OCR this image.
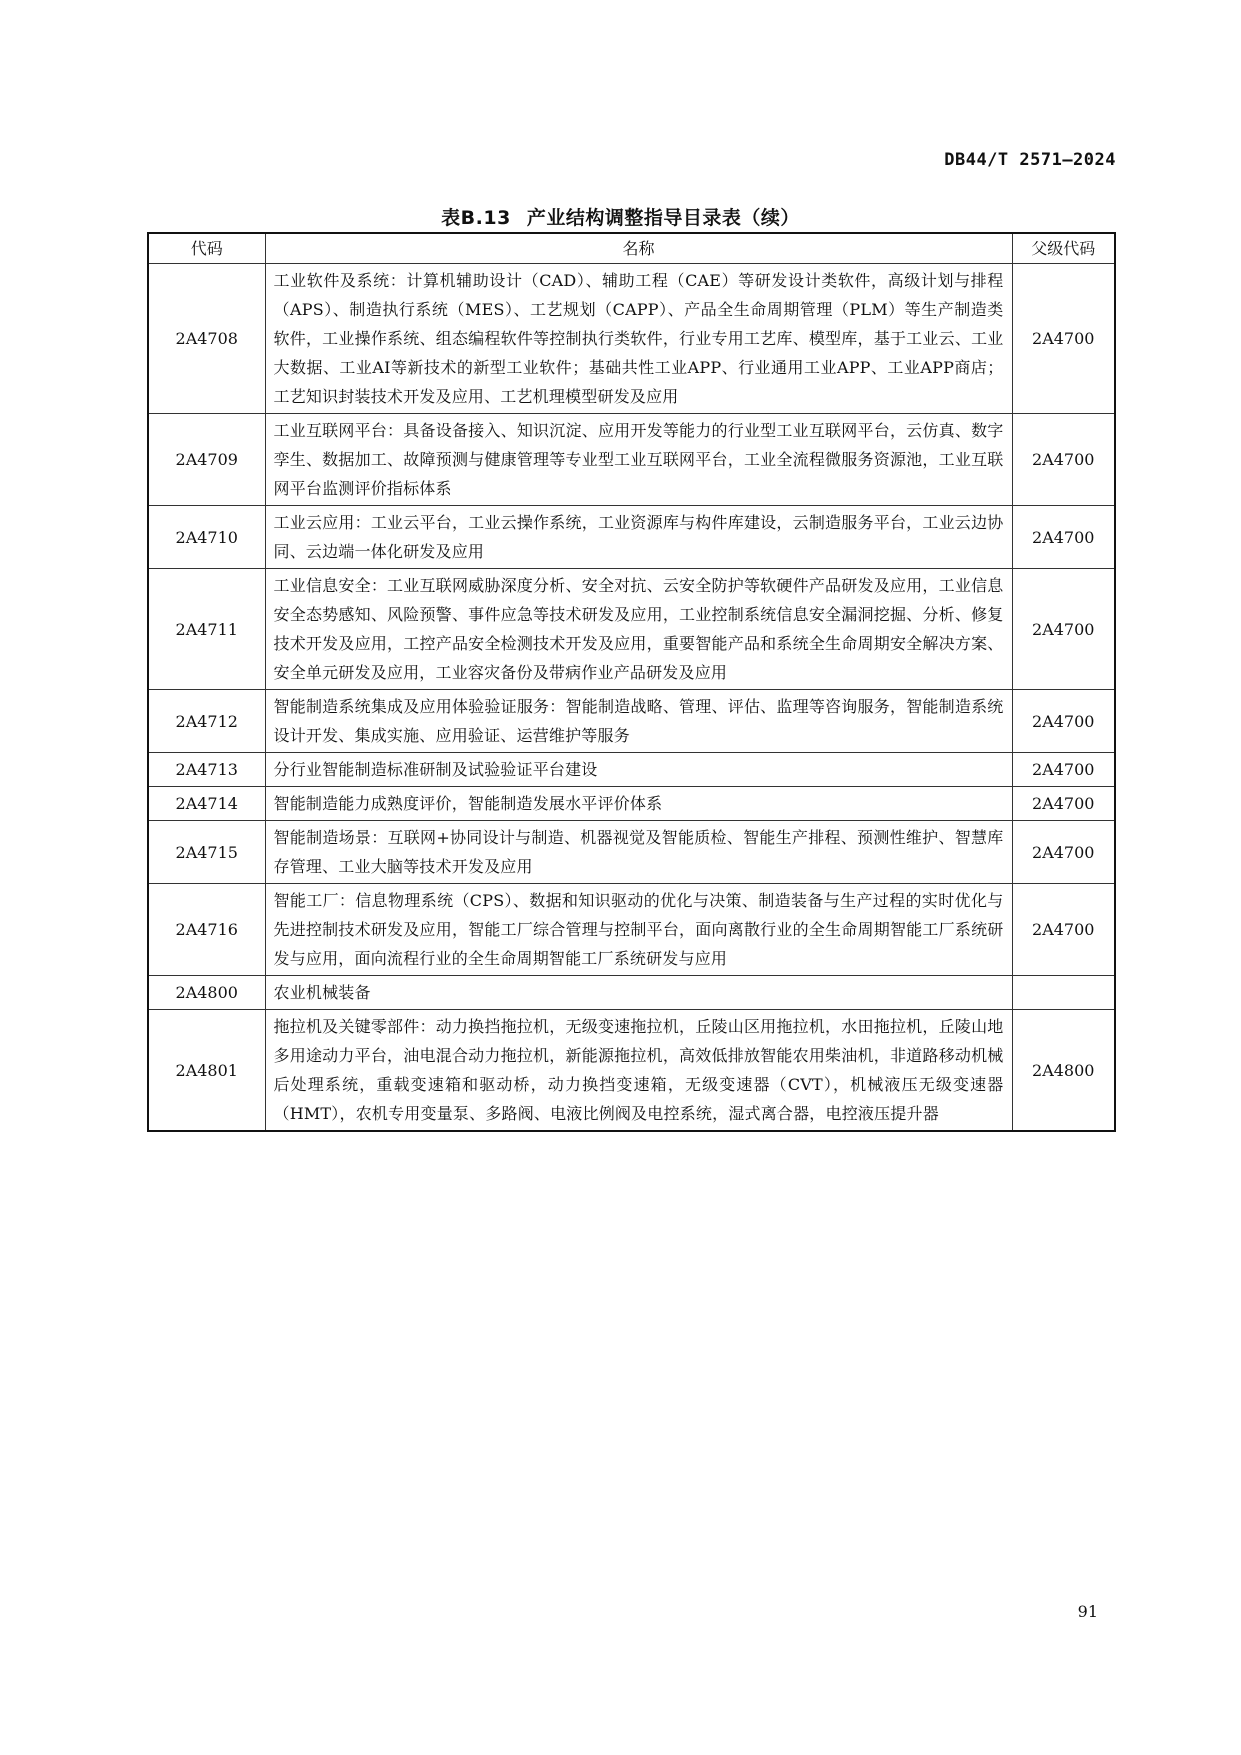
DB44/T 2571—2024
表B.13 产业结构调整指导目录表（续）
代码	名称	父级代码
2A4708	工业软件及系统：计算机辅助设计（CAD）、辅助工程（CAE）等研发设计类软件，高级计划与排程（APS）、制造执行系统（MES）、工艺规划（CAPP）、产品全生命周期管理（PLM）等生产制造类软件，工业操作系统、组态编程软件等控制执行类软件，行业专用工艺库、模型库，基于工业云、工业大数据、工业AI等新技术的新型工业软件；基础共性工业APP、行业通用工业APP、工业APP商店；工艺知识封装技术开发及应用、工艺机理模型研发及应用	2A4700
2A4709	工业互联网平台：具备设备接入、知识沉淀、应用开发等能力的行业型工业互联网平台，云仿真、数字孪生、数据加工、故障预测与健康管理等专业型工业互联网平台，工业全流程微服务资源池，工业互联网平台监测评价指标体系	2A4700
2A4710	工业云应用：工业云平台，工业云操作系统，工业资源库与构件库建设，云制造服务平台，工业云边协同、云边端一体化研发及应用	2A4700
2A4711	工业信息安全：工业互联网威胁深度分析、安全对抗、云安全防护等软硬件产品研发及应用，工业信息安全态势感知、风险预警、事件应急等技术研发及应用，工业控制系统信息安全漏洞挖掘、分析、修复技术开发及应用，工控产品安全检测技术开发及应用，重要智能产品和系统全生命周期安全解决方案、安全单元研发及应用，工业容灾备份及带病作业产品研发及应用	2A4700
2A4712	智能制造系统集成及应用体验验证服务：智能制造战略、管理、评估、监理等咨询服务，智能制造系统设计开发、集成实施、应用验证、运营维护等服务	2A4700
2A4713	分行业智能制造标准研制及试验验证平台建设	2A4700
2A4714	智能制造能力成熟度评价，智能制造发展水平评价体系	2A4700
2A4715	智能制造场景：互联网+协同设计与制造、机器视觉及智能质检、智能生产排程、预测性维护、智慧库存管理、工业大脑等技术开发及应用	2A4700
2A4716	智能工厂：信息物理系统（CPS）、数据和知识驱动的优化与决策、制造装备与生产过程的实时优化与先进控制技术研发及应用，智能工厂综合管理与控制平台，面向离散行业的全生命周期智能工厂系统研发与应用，面向流程行业的全生命周期智能工厂系统研发与应用	2A4700
2A4800	农业机械装备	
2A4801	拖拉机及关键零部件：动力换挡拖拉机，无级变速拖拉机，丘陵山区用拖拉机，水田拖拉机，丘陵山地多用途动力平台，油电混合动力拖拉机，新能源拖拉机，高效低排放智能农用柴油机，非道路移动机械后处理系统，重载变速箱和驱动桥，动力换挡变速箱，无级变速器（CVT），机械液压无级变速器（HMT），农机专用变量泵、多路阀、电液比例阀及电控系统，湿式离合器，电控液压提升器	2A4800
91
